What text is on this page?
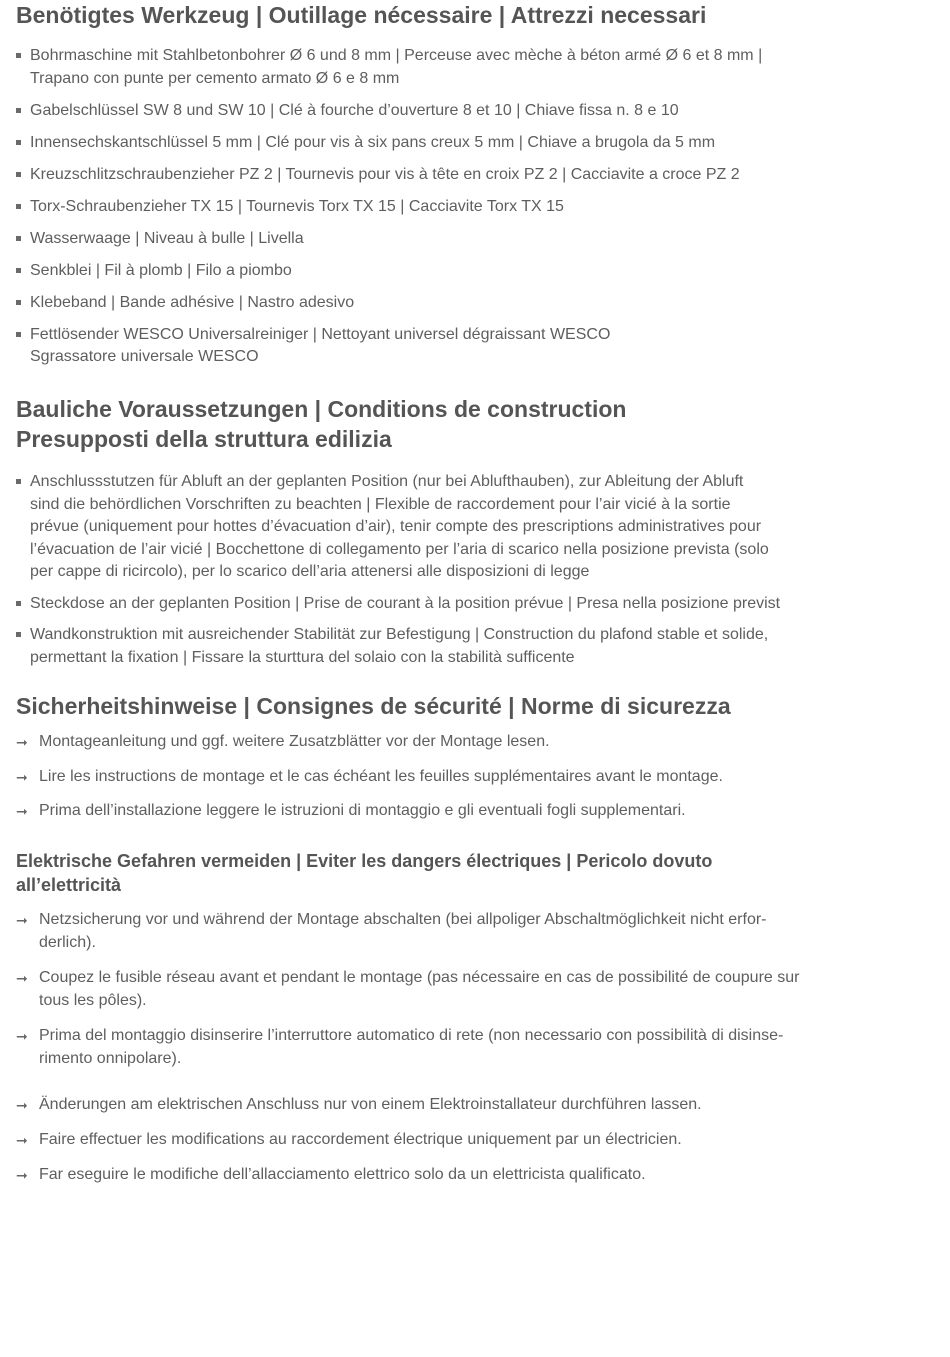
Benötigtes Werkzeug | Outillage nécessaire | Attrezzi necessari
Bohrmaschine mit Stahlbetonbohrer Ø 6 und 8 mm | Perceuse avec mèche à béton armé Ø 6 et 8 mm |
Trapano con punte per cemento armato Ø 6 e 8 mm
Gabelschlüssel SW 8 und SW 10 | Clé à fourche d’ouverture 8 et 10 | Chiave fissa n. 8 e 10
Innensechskantschlüssel 5 mm | Clé pour vis à six pans creux 5 mm | Chiave a brugola da 5 mm
Kreuzschlitzschraubenzieher PZ 2 | Tournevis pour vis à tête en croix PZ 2 | Cacciavite a croce PZ 2
Torx-Schraubenzieher TX 15 | Tournevis Torx TX 15 | Cacciavite Torx TX 15
Wasserwaage | Niveau à bulle | Livella
Senkblei | Fil à plomb | Filo a piombo
Klebeband | Bande adhésive | Nastro adesivo
Fettlösender WESCO Universalreiniger | Nettoyant universel dégraissant WESCO
Sgrassatore universale WESCO
Bauliche Voraussetzungen | Conditions de construction
Presupposti della struttura edilizia
Anschlussstutzen für Abluft an der geplanten Position (nur bei Ablufthauben), zur Ableitung der Abluft
sind die behördlichen Vorschriften zu beachten | Flexible de raccordement pour l’air vicié à la sortie
prévue (uniquement pour hottes d’évacuation d’air), tenir compte des prescriptions administratives pour
l’évacuation de l’air vicié | Bocchettone di collegamento per l’aria di scarico nella posizione prevista (solo
per cappe di ricircolo), per lo scarico dell’aria attenersi alle disposizioni di legge
Steckdose an der geplanten Position | Prise de courant à la position prévue | Presa nella posizione previst
Wandkonstruktion mit ausreichender Stabilität zur Befestigung | Construction du plafond stable et solide,
permettant la fixation | Fissare la sturttura del solaio con la stabilità sufficente
Sicherheitshinweise | Consignes de sécurité | Norme di sicurezza
➞ Montageanleitung und ggf. weitere Zusatzblätter vor der Montage lesen.
➞ Lire les instructions de montage et le cas échéant les feuilles supplémentaires avant le montage.
➞ Prima dell’installazione leggere le istruzioni di montaggio e gli eventuali fogli supplementari.
Elektrische Gefahren vermeiden | Eviter les dangers électriques | Pericolo dovuto
all’elettricità
➞ Netzsicherung vor und während der Montage abschalten (bei allpoliger Abschaltmöglichkeit nicht erfor-
derlich).
➞ Coupez le fusible réseau avant et pendant le montage (pas nécessaire en cas de possibilité de coupure sur
tous les pôles).
➞ Prima del montaggio disinserire l’interruttore automatico di rete (non necessario con possibilità di disinse-
rimento onnipolare).
➞ Änderungen am elektrischen Anschluss nur von einem Elektroinstallateur durchführen lassen.
➞ Faire effectuer les modifications au raccordement électrique uniquement par un électricien.
➞ Far eseguire le modifiche dell’allacciamento elettrico solo da un elettricista qualificato.
